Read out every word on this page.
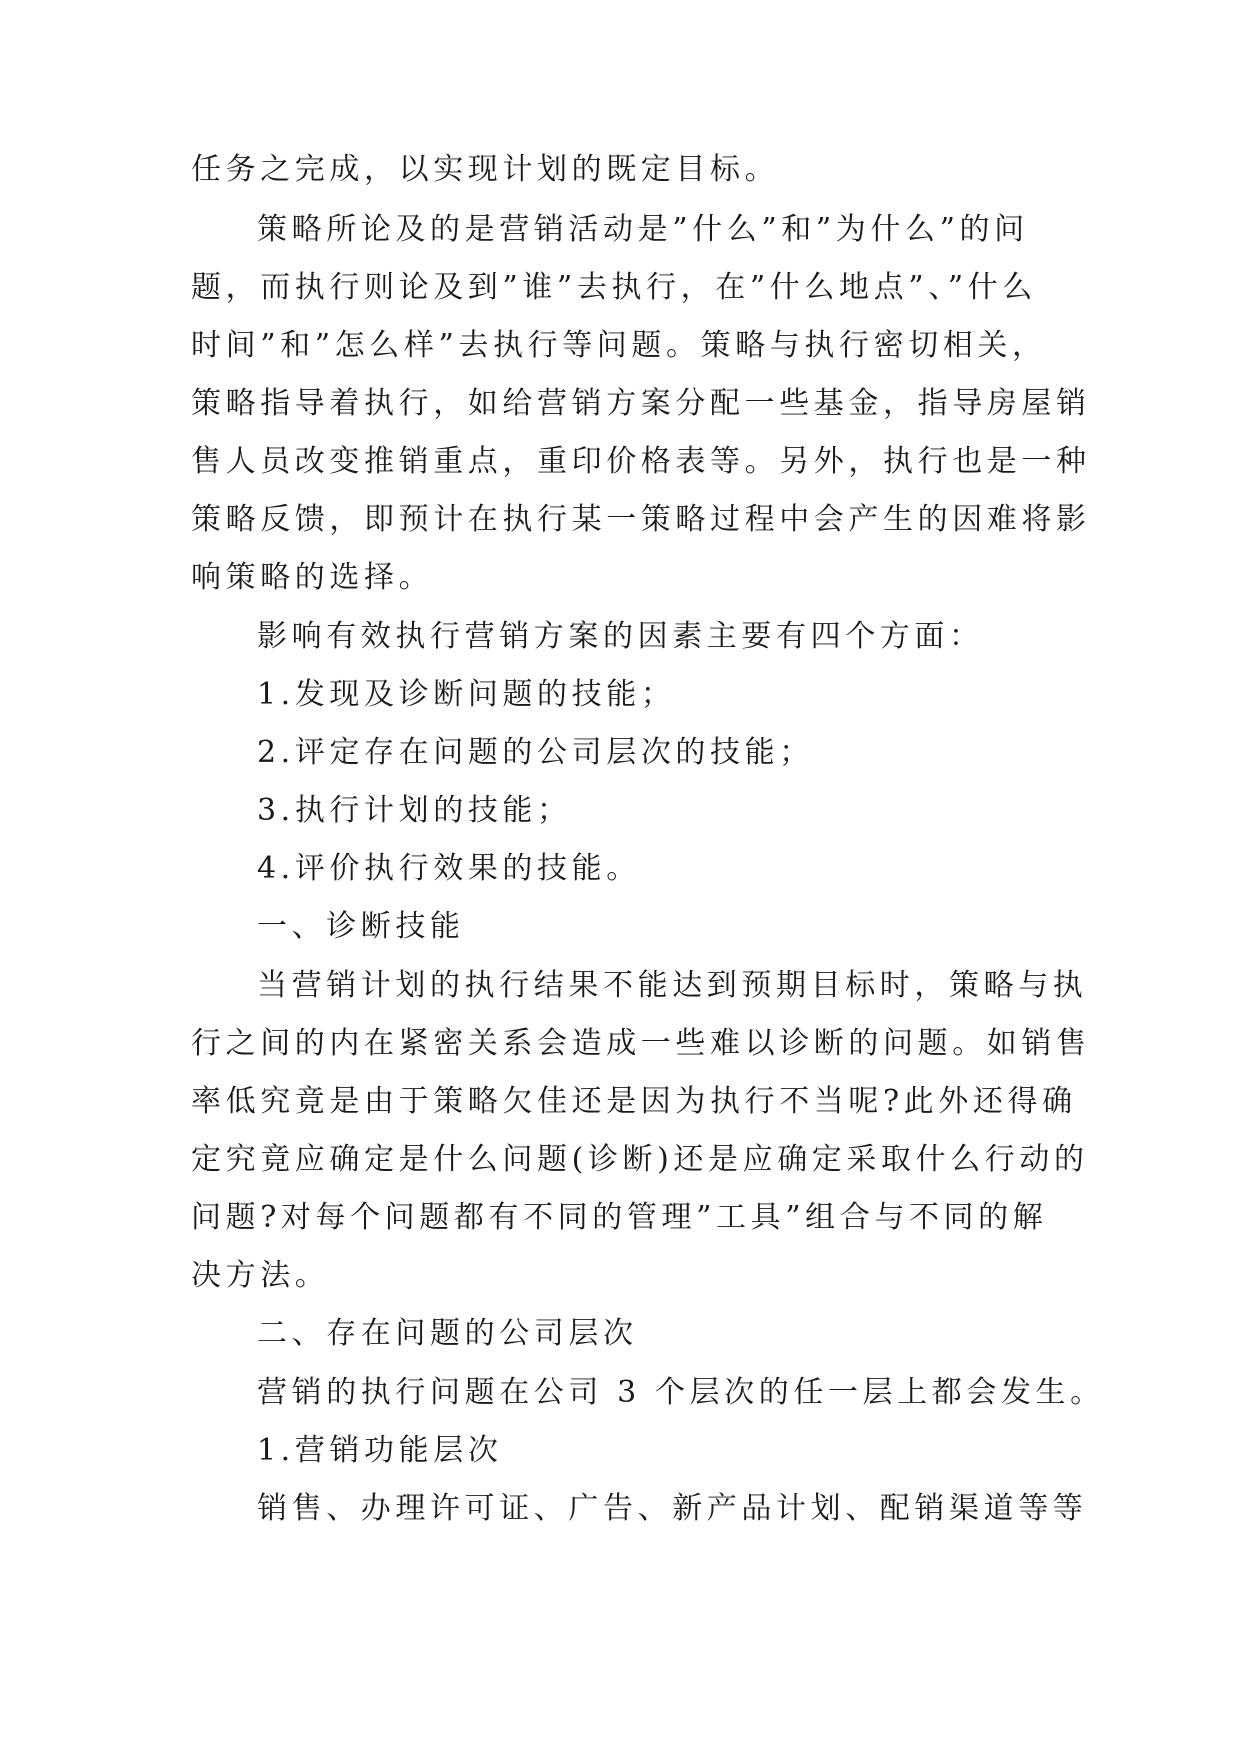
任务之完成，以实现计划的既定目标。
策略所论及的是营销活动是”什么”和”为什么”的问
题，而执行则论及到”谁”去执行，在”什么地点”、”什么
时间”和”怎么样”去执行等问题。策略与执行密切相关，
策略指导着执行，如给营销方案分配一些基金，指导房屋销
售人员改变推销重点，重印价格表等。另外，执行也是一种
策略反馈，即预计在执行某一策略过程中会产生的因难将影
响策略的选择。
影响有效执行营销方案的因素主要有四个方面：
1.发现及诊断问题的技能；
2.评定存在问题的公司层次的技能；
3.执行计划的技能；
4.评价执行效果的技能。
一、诊断技能
当营销计划的执行结果不能达到预期目标时，策略与执
行之间的内在紧密关系会造成一些难以诊断的问题。如销售
率低究竟是由于策略欠佳还是因为执行不当呢?此外还得确
定究竟应确定是什么问题(诊断)还是应确定采取什么行动的
问题?对每个问题都有不同的管理”工具”组合与不同的解
决方法。
二、存在问题的公司层次
营销的执行问题在公司 3 个层次的任一层上都会发生。
1.营销功能层次
销售、办理许可证、广告、新产品计划、配销渠道等等
